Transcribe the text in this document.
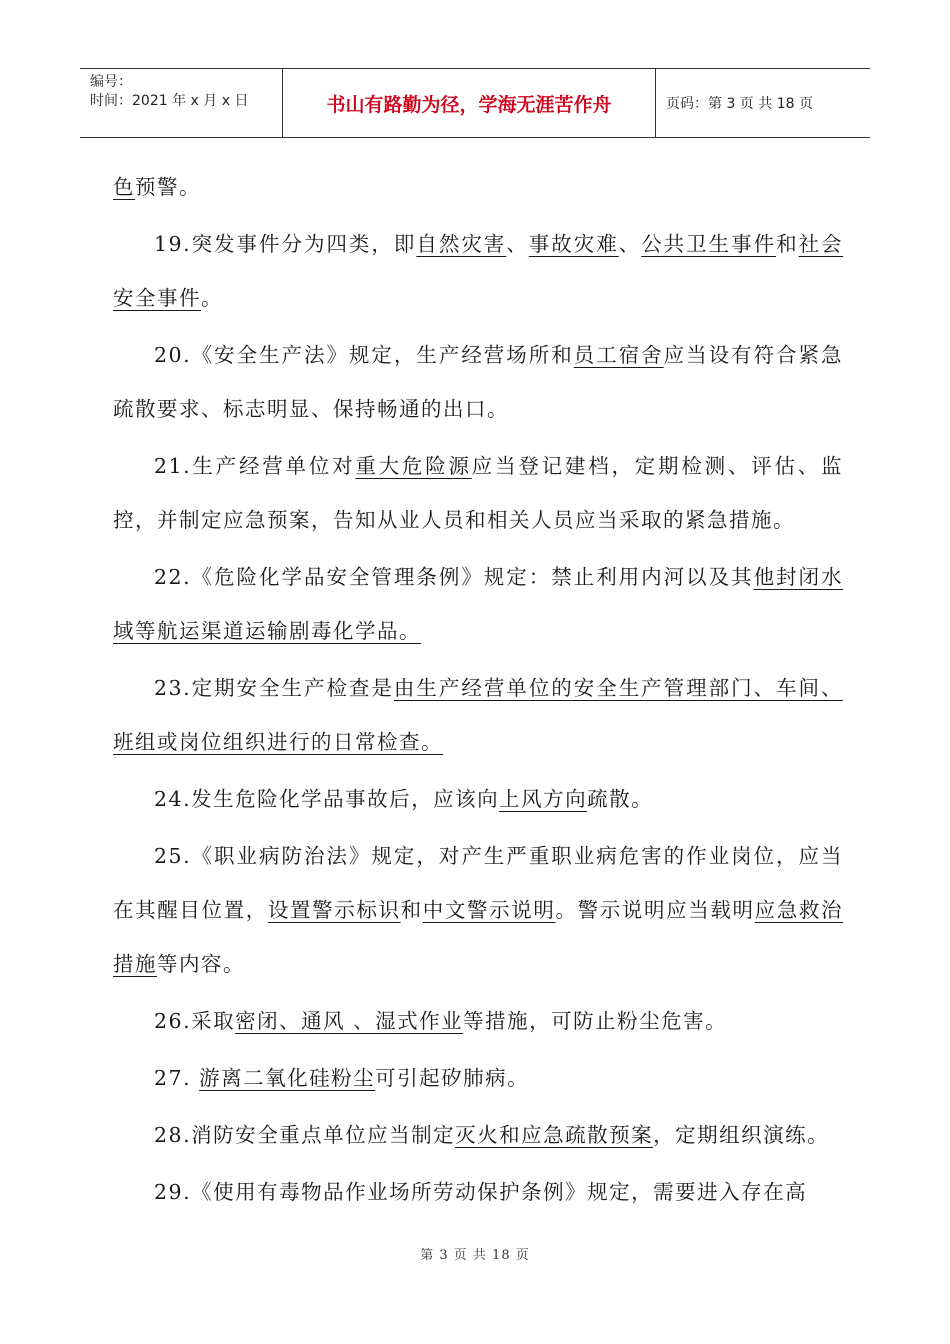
编号：
时间：2021 年 x 月 x 日	书山有路勤为径，学海无涯苦作舟	页码：第 3 页 共 18 页

色预警。

19.突发事件分为四类，即自然灾害、事故灾难、公共卫生事件和社会安全事件。

20.《安全生产法》规定，生产经营场所和员工宿舍应当设有符合紧急疏散要求、标志明显、保持畅通的出口。

21.生产经营单位对重大危险源应当登记建档，定期检测、评估、监控，并制定应急预案，告知从业人员和相关人员应当采取的紧急措施。

22.《危险化学品安全管理条例》规定：禁止利用内河以及其他封闭水域等航运渠道运输剧毒化学品。

23.定期安全生产检查是由生产经营单位的安全生产管理部门、车间、班组或岗位组织进行的日常检查。

24.发生危险化学品事故后，应该向上风方向疏散。

25.《职业病防治法》规定，对产生严重职业病危害的作业岗位，应当在其醒目位置，设置警示标识和中文警示说明。警示说明应当载明应急救治措施等内容。

26.采取密闭、通风 、湿式作业等措施，可防止粉尘危害。

27. 游离二氧化硅粉尘可引起矽肺病。

28.消防安全重点单位应当制定灭火和应急疏散预案，定期组织演练。

29.《使用有毒物品作业场所劳动保护条例》规定，需要进入存在高

第 3 页 共 18 页
